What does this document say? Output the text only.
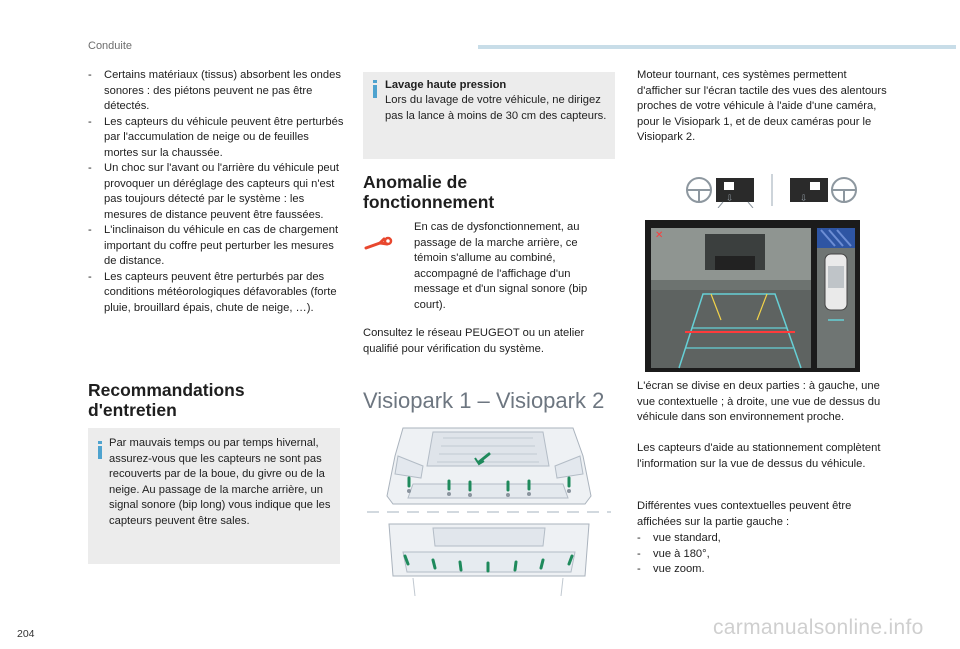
Conduite
204	carmanualsonline.info
- Certains matériaux (tissus) absorbent les ondes sonores : des piétons peuvent ne pas être détectés.
- Les capteurs du véhicule peuvent être perturbés par l'accumulation de neige ou de feuilles mortes sur la chaussée.
- Un choc sur l'avant ou l'arrière du véhicule peut provoquer un déréglage des capteurs qui n'est pas toujours détecté par le système : les mesures de distance peuvent être faussées.
- L'inclinaison du véhicule en cas de chargement important du coffre peut perturber les mesures de distance.
- Les capteurs peuvent être perturbés par des conditions météorologiques défavorables (forte pluie, brouillard épais, chute de neige, …).
Recommandations d'entretien
Par mauvais temps ou par temps hivernal, assurez-vous que les capteurs ne sont pas recouverts par de la boue, du givre ou de la neige. Au passage de la marche arrière, un signal sonore (bip long) vous indique que les capteurs peuvent être sales.
Lavage haute pression
Lors du lavage de votre véhicule, ne dirigez pas la lance à moins de 30 cm des capteurs.
Anomalie de fonctionnement
En cas de dysfonctionnement, au passage de la marche arrière, ce témoin s'allume au combiné, accompagné de l'affichage d'un message et d'un signal sonore (bip court).
Consultez le réseau PEUGEOT ou un atelier qualifié pour vérification du système.
Visiopark 1 – Visiopark 2
Moteur tournant, ces systèmes permettent d'afficher sur l'écran tactile des vues des alentours proches de votre véhicule à l'aide d'une caméra, pour le Visiopark 1, et de deux caméras pour le Visiopark 2.
⇩	⇩
✕
L'écran se divise en deux parties : à gauche, une vue contextuelle ; à droite, une vue de dessus du véhicule dans son environnement proche.
Les capteurs d'aide au stationnement complètent l'information sur la vue de dessus du véhicule.
Différentes vues contextuelles peuvent être affichées sur la partie gauche :
- vue standard,
- vue à 180°,
- vue zoom.
